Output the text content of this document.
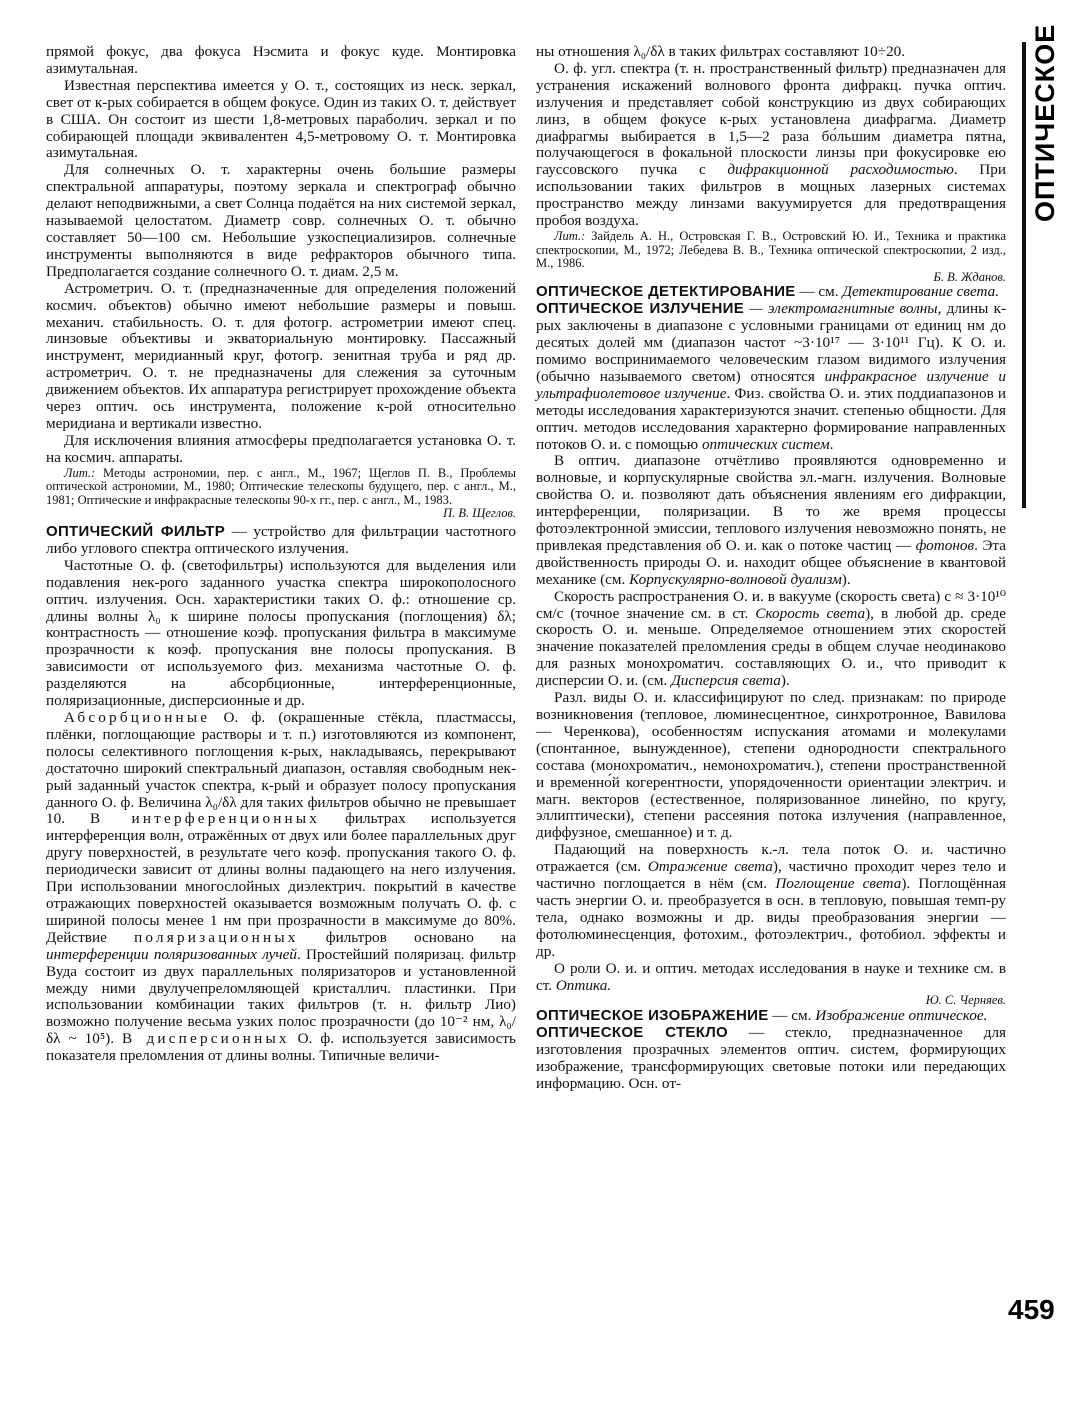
прямой фокус, два фокуса Нэсмита и фокус куде. Монтировка азимутальная.

Известная перспектива имеется у О. т., состоящих из неск. зеркал, свет от к-рых собирается в общем фокусе. Один из таких О. т. действует в США. Он состоит из шести 1,8-метровых параболич. зеркал и по собирающей площади эквивалентен 4,5-метровому О. т. Монтировка азимутальная.

Для солнечных О. т. характерны очень большие размеры спектральной аппаратуры, поэтому зеркала и спектрограф обычно делают неподвижными, а свет Солнца подаётся на них системой зеркал, называемой целостатом. Диаметр совр. солнечных О. т. обычно составляет 50—100 см. Небольшие узкоспециализиров. солнечные инструменты выполняются в виде рефракторов обычного типа. Предполагается создание солнечного О. т. диам. 2,5 м.

Астрометрич. О. т. (предназначенные для определения положений космич. объектов) обычно имеют небольшие размеры и повыш. механич. стабильность. О. т. для фотогр. астрометрии имеют спец. линзовые объективы и экваториальную монтировку. Пассажный инструмент, меридианный круг, фотогр. зенитная труба и ряд др. астрометрич. О. т. не предназначены для слежения за суточным движением объектов. Их аппаратура регистрирует прохождение объекта через оптич. ось инструмента, положение к-рой относительно меридиана и вертикали известно.

Для исключения влияния атмосферы предполагается установка О. т. на космич. аппараты.

Лит.: Методы астрономии, пер. с англ., М., 1967; Щеглов П. В., Проблемы оптической астрономии, М., 1980; Оптические телескопы будущего, пер. с англ., М., 1981; Оптические и инфракрасные телескопы 90-х гг., пер. с англ., М., 1983.

П. В. Щеглов.

ОПТИЧЕСКИЙ ФИЛЬТР — устройство для фильтрации частотного либо углового спектра оптического излучения.

Частотные О. ф. (светофильтры) используются для выделения или подавления нек-рого заданного участка спектра широкополосного оптич. излучения. Осн. характеристики таких О. ф.: отношение ср. длины волны λ₀ к ширине полосы пропускания (поглощения) δλ; контрастность — отношение коэф. пропускания фильтра в максимуме прозрачности к коэф. пропускания вне полосы пропускания. В зависимости от используемого физ. механизма частотные О. ф. разделяются на абсорбционные, интерференционные, поляризационные, дисперсионные и др.

Абсорбционные О. ф. (окрашенные стёкла, пластмассы, плёнки, поглощающие растворы и т. п.) изготовляются из компонент, полосы селективного поглощения к-рых, накладываясь, перекрывают достаточно широкий спектральный диапазон, оставляя свободным нек-рый заданный участок спектра, к-рый и образует полосу пропускания данного О. ф. Величина λ₀/δλ для таких фильтров обычно не превышает 10. В интерференционных фильтрах используется интерференция волн, отражённых от двух или более параллельных друг другу поверхностей, в результате чего коэф. пропускания такого О. ф. периодически зависит от длины волны падающего на него излучения. При использовании многослойных диэлектрич. покрытий в качестве отражающих поверхностей оказывается возможным получать О. ф. с шириной полосы менее 1 нм при прозрачности в максимуме до 80%. Действие поляризационных фильтров основано на интерференции поляризованных лучей. Простейший поляризац. фильтр Вуда состоит из двух параллельных поляризаторов и установленной между ними двулучепреломляющей кристаллич. пластинки. При использовании комбинации таких фильтров (т. н. фильтр Лио) возможно получение весьма узких полос прозрачности (до 10⁻² нм, λ₀/δλ ~ 10⁵). В дисперсионных О. ф. используется зависимость показателя преломления от длины волны. Типичные величи-

ны отношения λ₀/δλ в таких фильтрах составляют 10÷20.

О. ф. угл. спектра (т. н. пространственный фильтр) предназначен для устранения искажений волнового фронта дифракц. пучка оптич. излучения и представляет собой конструкцию из двух собирающих линз, в общем фокусе к-рых установлена диафрагма. Диаметр диафрагмы выбирается в 1,5—2 раза бо́льшим диаметра пятна, получающегося в фокальной плоскости линзы при фокусировке ею гауссовского пучка с дифракционной расходимостью. При использовании таких фильтров в мощных лазерных системах пространство между линзами вакуумируется для предотвращения пробоя воздуха.

Лит.: Зайдель А. Н., Островская Г. В., Островский Ю. И., Техника и практика спектроскопии, М., 1972; Лебедева В. В., Техника оптической спектроскопии, 2 изд., М., 1986.

Б. В. Жданов.

ОПТИЧЕСКОЕ ДЕТЕКТИРОВАНИЕ — см. Детектирование света.

ОПТИЧЕСКОЕ ИЗЛУЧЕНИЕ — электромагнитные волны, длины к-рых заключены в диапазоне с условными границами от единиц нм до десятых долей мм (диапазон частот ~3·10¹⁷ — 3·10¹¹ Гц). К О. и. помимо воспринимаемого человеческим глазом видимого излучения (обычно называемого светом) относятся инфракрасное излучение и ультрафиолетовое излучение. Физ. свойства О. и. этих поддиапазонов и методы исследования характеризуются значит. степенью общности. Для оптич. методов исследования характерно формирование направленных потоков О. и. с помощью оптических систем.

В оптич. диапазоне отчётливо проявляются одновременно и волновые, и корпускулярные свойства эл.-магн. излучения. Волновые свойства О. и. позволяют дать объяснения явлениям его дифракции, интерференции, поляризации. В то же время процессы фотоэлектронной эмиссии, теплового излучения невозможно понять, не привлекая представления об О. и. как о потоке частиц — фотонов. Эта двойственность природы О. и. находит общее объяснение в квантовой механике (см. Корпускулярно-волновой дуализм).

Скорость распространения О. и. в вакууме (скорость света) c ≈ 3·10¹⁰ см/с (точное значение см. в ст. Скорость света), в любой др. среде скорость О. и. меньше. Определяемое отношением этих скоростей значение показателей преломления среды в общем случае неодинаково для разных монохроматич. составляющих О. и., что приводит к дисперсии О. и. (см. Дисперсия света).

Разл. виды О. и. классифицируют по след. признакам: по природе возникновения (тепловое, люминесцентное, синхротронное, Вавилова — Черенкова), особенностям испускания атомами и молекулами (спонтанное, вынужденное), степени однородности спектрального состава (монохроматич., немонохроматич.), степени пространственной и временно́й когерентности, упорядоченности ориентации электрич. и магн. векторов (естественное, поляризованное линейно, по кругу, эллиптически), степени рассеяния потока излучения (направленное, диффузное, смешанное) и т. д.

Падающий на поверхность к.-л. тела поток О. и. частично отражается (см. Отражение света), частично проходит через тело и частично поглощается в нём (см. Поглощение света). Поглощённая часть энергии О. и. преобразуется в осн. в тепловую, повышая темп-ру тела, однако возможны и др. виды преобразования энергии — фотолюминесценция, фотохим., фотоэлектрич., фотобиол. эффекты и др.

О роли О. и. и оптич. методах исследования в науке и технике см. в ст. Оптика.

Ю. С. Черняев.

ОПТИЧЕСКОЕ ИЗОБРАЖЕНИЕ — см. Изображение оптическое.

ОПТИЧЕСКОЕ СТЕКЛО — стекло, предназначенное для изготовления прозрачных элементов оптич. систем, формирующих изображение, трансформирующих световые потоки или передающих информацию. Осн. от-

ОПТИЧЕСКОЕ
459
